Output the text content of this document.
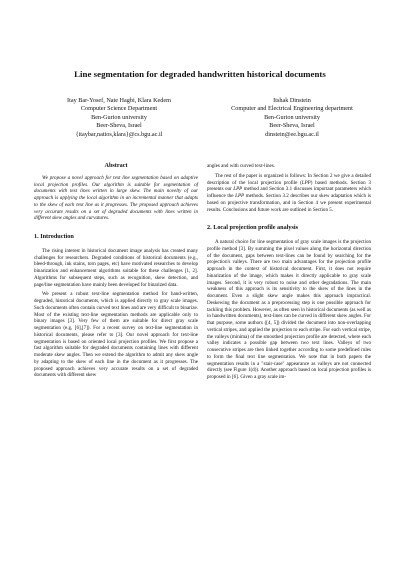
Line segmentation for degraded handwritten historical documents
Itay Bar-Yosef, Nate Hagbi, Klara Kedem
Computer Science Department
Ben-Gurion university
Beer-Sheva, Israel
{itaybar,natios,klara}@cs.bgu.ac.il
Itshak Dinstein
Computer and Electrical Engineering department
Ben-Gurion university
Beer-Sheva, Israel
dinstein@ee.bgu.ac.il
Abstract

We propose a novel approach for text line segmentation based on adaptive local projection profiles. Our algorithm is suitable for segmentation of documents with text lines written in large skew. The main novelty of our approach is applying the local algorithm in an incremental manner that adapts to the skew of each text line as it progresses. The proposed approach achieves very accurate results on a set of degraded documents with lines written in different skew angles and curvatures.

1. Introduction

The rising interest in historical document image analysis has created many challenges for researchers. Degraded conditions of historical documents (e.g., bleed-through, ink stains, torn pages, etc) have motivated researches to develop binarization and enhancement algorithms suitable for these challenges [1, 2]. Algorithms for subsequent steps, such as recognition, skew detection, and page/line segmentation have mainly been developed for binarized data.

We present a robust text-line segmentation method for hand-written, degraded, historical documents, which is applied directly to gray scale images. Such documents often contain curved text lines and are very difficult to binarize. Most of the existing text-line segmentation methods are applicable only to binary images [3]. Very few of them are suitable for direct gray scale segmentation (e.g, [6],[7]). For a recent survey on text-line segmentation in historical documents, please refer to [3]. Our novel approach for text-line segmentation is based on oriented local projection profiles. We first propose a fast algorithm suitable for degraded documents containing lines with different moderate skew angles. Then we extend the algorithm to admit any skew angle by adapting to the skew of each line in the document as it progresses. The proposed approach achieves very accurate results on a set of degraded documents with different skew

angles and with curved text-lines.

The rest of the paper is organized is follows: In Section 2 we give a detailed description of the local projection profile (LPP) based methods. Section 3 presents our LPP method and Section 3.1 discusses important parameters which influence the LPP methods. Section 3.2 describes our skew adaptation which is based on projective transformation, and in Section 4 we present experimental results. Conclusions and future work are outlined in Section 5.

2. Local projection profile analysis

A natural choice for line segmentation of gray scale images is the projection profile method [3]. By summing the pixel values along the horizontal direction of the document, gaps between text-lines can be found by searching for the projection's valleys. There are two main advantages for the projection profile approach in the context of historical document. First, it does not require binarization of the image, which makes it directly applicable to gray scale images. Second, it is very robust to noise and other degradations. The main weakness of this approach is its sensitivity to the skew of the lines in the document. Even a slight skew angle makes this approach impractical. Deskewing the document as a preprocessing step is one possible approach for tackling this problem. However, as often seen in historical documents (as well as in handwritten documents), text-lines can be curved in different skew angles. For that purpose, some authors ([4, 5]) divided the document into non-overlapping vertical stripes, and applied the projection to each stripe. For each vertical stripe, the valleys (minima) of the smoothed projection profile are detected, where each valley indicates a possible gap between two text lines. Valleys of two consecutive stripes are then linked together according to some predefined rules to form the final text line segmentation. We note that in both papers the segmentation results in a "stair-case" appearance as valleys are not connected directly (see Figure 1(d)). Another approach based on local projection profiles is proposed in [6]. Given a gray scale im-
